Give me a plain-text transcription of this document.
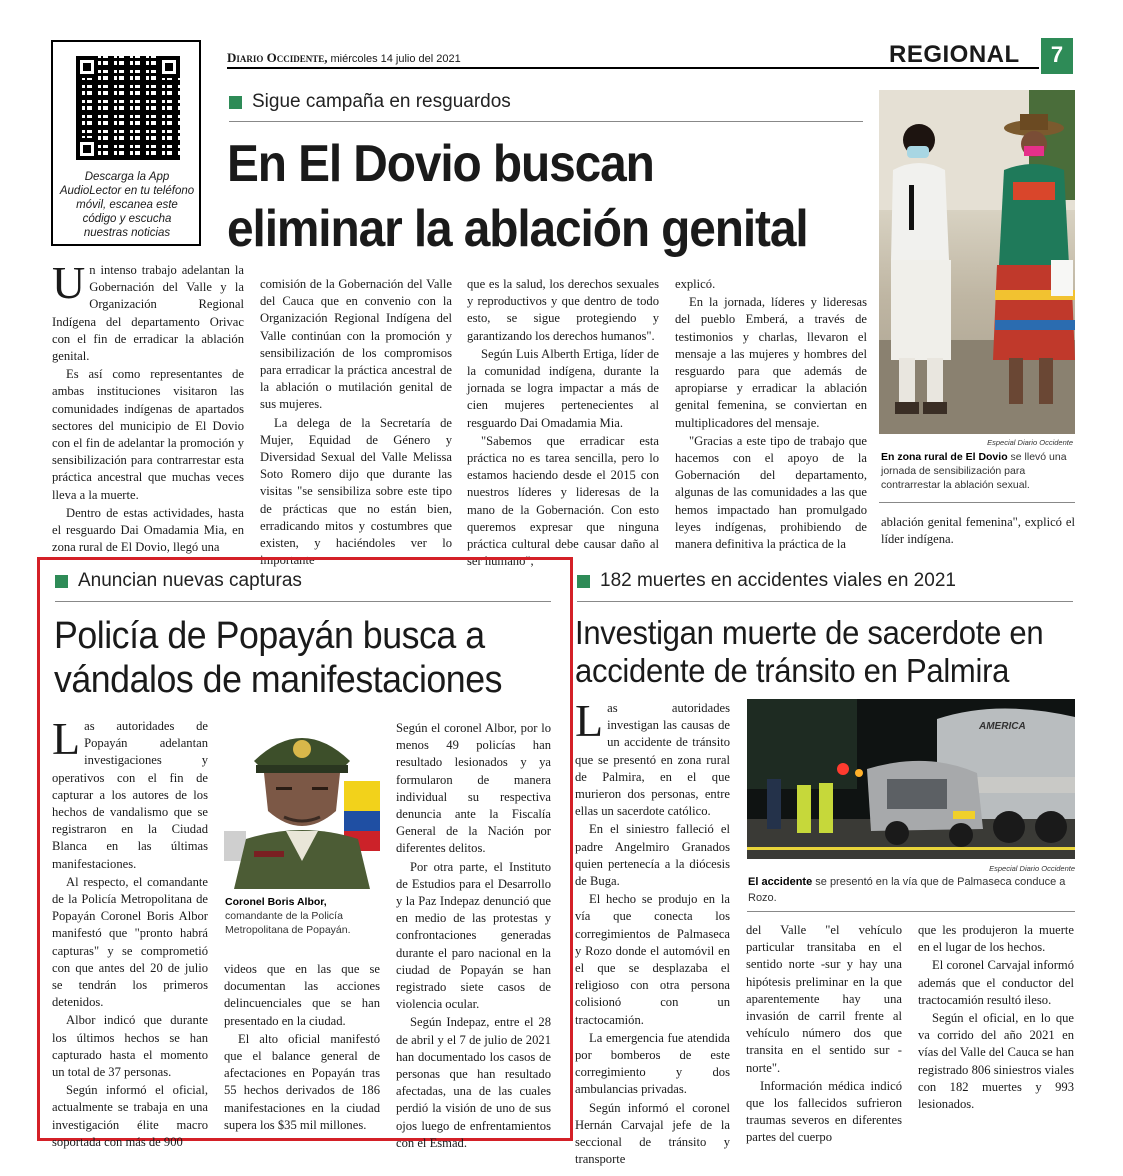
Descarga la App AudioLector en tu teléfono móvil, escanea este código y escucha nuestras noticias
Diario Occidente, miércoles 14 julio del 2021	REGIONAL	7
Sigue campaña en resguardos
En El Dovio buscan eliminar la ablación genital

Un intenso trabajo adelantan la Gobernación del Valle y la Organización Regional Indígena del departamento Orivac con el fin de erradicar la ablación genital.

Es así como representantes de ambas instituciones visitaron las comunidades indígenas de apartados sectores del municipio de El Dovio con el fin de adelantar la promoción y sensibilización para contrarrestar esta práctica ancestral que muchas veces lleva a la muerte.

Dentro de estas actividades, hasta el resguardo Dai Omadamia Mia, en zona rural de El Dovio, llegó una

comisión de la Gobernación del Valle del Cauca que en convenio con la Organización Regional Indígena del Valle continúan con la promoción y sensibilización de los compromisos para erradicar la práctica ancestral de la ablación o mutilación genital de sus mujeres.

La delega de la Secretaría de Mujer, Equidad de Género y Diversidad Sexual del Valle Melissa Soto Romero dijo que durante las visitas "se sensibiliza sobre este tipo de prácticas que no están bien, erradicando mitos y costumbres que existen, y haciéndoles ver lo importante

que es la salud, los derechos sexuales y reproductivos y que dentro de todo esto, se sigue protegiendo y garantizando los derechos humanos".

Según Luis Alberth Ertiga, líder de la comunidad indígena, durante la jornada se logra impactar a más de cien mujeres pertenecientes al resguardo Dai Omadamia Mia.

"Sabemos que erradicar esta práctica no es tarea sencilla, pero lo estamos haciendo desde el 2015 con nuestros líderes y lideresas de la mano de la Gobernación. Con esto queremos expresar que ninguna práctica cultural debe causar daño al ser humano",

explicó.

En la jornada, líderes y lideresas del pueblo Emberá, a través de testimonios y charlas, llevaron el mensaje a las mujeres y hombres del resguardo para que además de apropiarse y erradicar la ablación genital femenina, se conviertan en multiplicadores del mensaje.

"Gracias a este tipo de trabajo que hacemos con el apoyo de la Gobernación del departamento, algunas de las comunidades a las que hemos impactado han promulgado leyes indígenas, prohibiendo de manera definitiva la práctica de la

Especial Diario Occidente
En zona rural de El Dovio se llevó una jornada de sensibilización para contrarrestar la ablación sexual.

ablación genital femenina", explicó el líder indígena.

Anuncian nuevas capturas
Policía de Popayán busca a vándalos de manifestaciones

Las autoridades de Popayán adelantan investigaciones y operativos con el fin de capturar a los autores de los hechos de vandalismo que se registraron en la Ciudad Blanca en las últimas manifestaciones.

Al respecto, el comandante de la Policía Metropolitana de Popayán Coronel Boris Albor manifestó que "pronto habrá capturas" y se comprometió con que antes del 20 de julio se tendrán los primeros detenidos.

Albor indicó que durante los últimos hechos se han capturado hasta el momento un total de 37 personas.

Según informó el oficial, actualmente se trabaja en una investigación élite macro soportada con más de 900

Coronel Boris Albor, comandante de la Policía Metropolitana de Popayán.

videos que en las que se documentan las acciones delincuenciales que se han presentado en la ciudad.

El alto oficial manifestó que el balance general de afectaciones en Popayán tras 55 hechos derivados de 186 manifestaciones en la ciudad supera los $35 mil millones.

Según el coronel Albor, por lo menos 49 policías han resultado lesionados y ya formularon de manera individual su respectiva denuncia ante la Fiscalía General de la Nación por diferentes delitos.

Por otra parte, el Instituto de Estudios para el Desarrollo y la Paz Indepaz denunció que en medio de las protestas y confrontaciones generadas durante el paro nacional en la ciudad de Popayán se han registrado siete casos de violencia ocular.

Según Indepaz, entre el 28 de abril y el 7 de julio de 2021 han documentado los casos de personas que han resultado afectadas, una de las cuales perdió la visión de uno de sus ojos luego de enfrentamientos con el Esmad.

182 muertes en accidentes viales en 2021
Investigan muerte de sacerdote en accidente de tránsito en Palmira

Las autoridades investigan las causas de un accidente de tránsito que se presentó en zona rural de Palmira, en el que murieron dos personas, entre ellas un sacerdote católico.

En el siniestro falleció el padre Angelmiro Granados quien pertenecía a la diócesis de Buga.

El hecho se produjo en la vía que conecta los corregimientos de Palmaseca y Rozo donde el automóvil en el que se desplazaba el religioso con otra persona colisionó con un tractocamión.

La emergencia fue atendida por bomberos de este corregimiento y dos ambulancias privadas.

Según informó el coronel Hernán Carvajal jefe de la seccional de tránsito y transporte

AMERICA
Especial Diario Occidente
El accidente se presentó en la vía que de Palmaseca conduce a Rozo.

del Valle "el vehículo particular transitaba en el sentido norte -sur y hay una hipótesis preliminar en la que aparentemente hay una invasión de carril frente al vehículo número dos que transita en el sentido sur - norte".

Información médica indicó que los fallecidos sufrieron traumas severos en diferentes partes del cuerpo

que les produjeron la muerte en el lugar de los hechos.

El coronel Carvajal informó además que el conductor del tractocamión resultó ileso.

Según el oficial, en lo que va corrido del año 2021 en vías del Valle del Cauca se han registrado 806 siniestros viales con 182 muertes y 993 lesionados.
